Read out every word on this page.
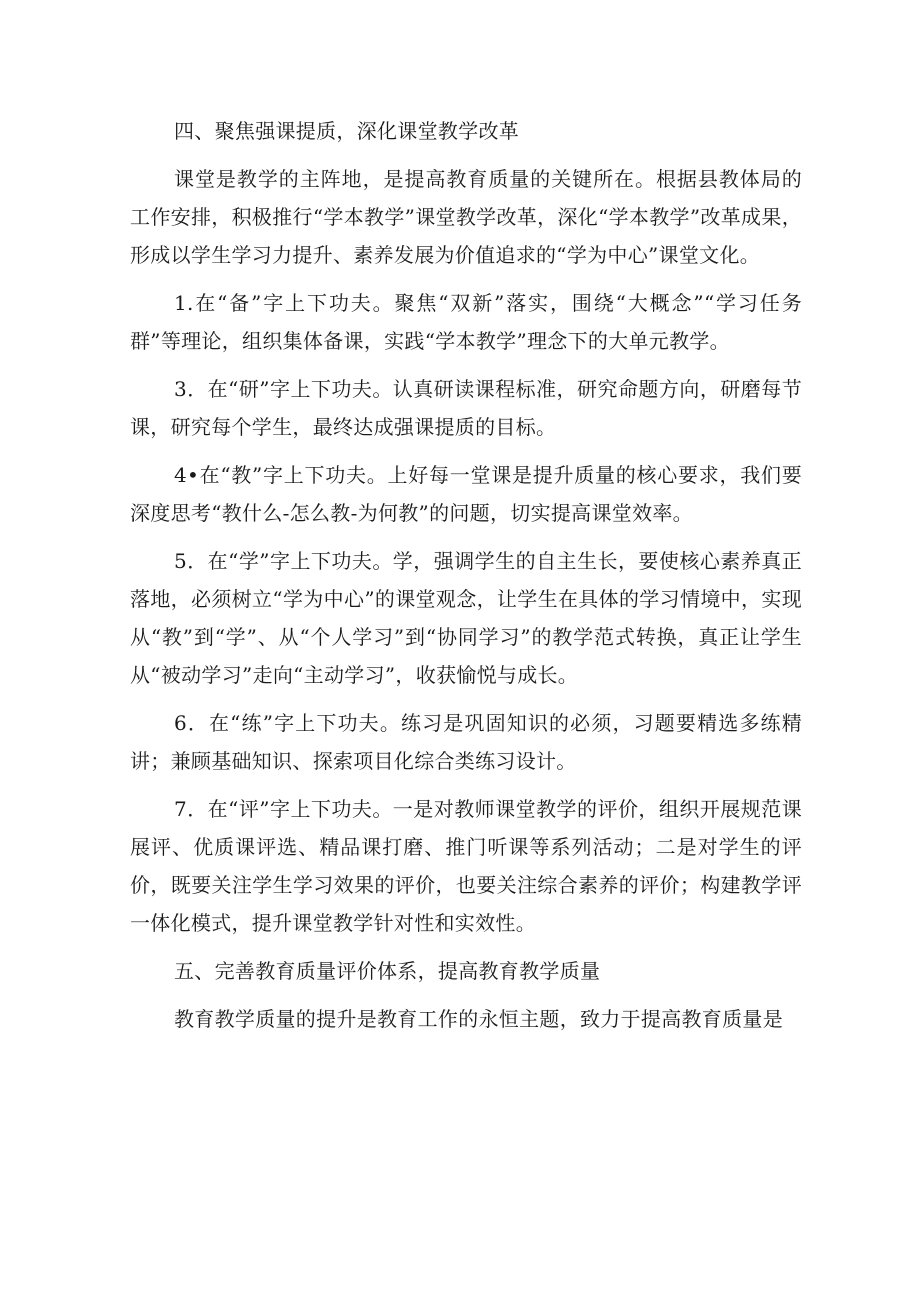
四、聚焦强课提质，深化课堂教学改革

课堂是教学的主阵地，是提高教育质量的关键所在。根据县教体局的工作安排，积极推行“学本教学”课堂教学改革，深化“学本教学”改革成果，形成以学生学习力提升、素养发展为价值追求的“学为中心”课堂文化。

1.在“备”字上下功夫。聚焦“双新”落实，围绕“大概念”“学习任务群”等理论，组织集体备课，实践“学本教学”理念下的大单元教学。

3．在“研”字上下功夫。认真研读课程标准，研究命题方向，研磨每节课，研究每个学生，最终达成强课提质的目标。

4•在“教”字上下功夫。上好每一堂课是提升质量的核心要求，我们要深度思考“教什么-怎么教-为何教”的问题，切实提高课堂效率。

5．在“学”字上下功夫。学，强调学生的自主生长，要使核心素养真正落地，必须树立“学为中心”的课堂观念，让学生在具体的学习情境中，实现从“教”到“学”、从“个人学习”到“协同学习”的教学范式转换，真正让学生从“被动学习”走向“主动学习”，收获愉悦与成长。

6．在“练”字上下功夫。练习是巩固知识的必须，习题要精选多练精讲；兼顾基础知识、探索项目化综合类练习设计。

7．在“评”字上下功夫。一是对教师课堂教学的评价，组织开展规范课展评、优质课评选、精品课打磨、推门听课等系列活动；二是对学生的评价，既要关注学生学习效果的评价，也要关注综合素养的评价；构建教学评一体化模式，提升课堂教学针对性和实效性。

五、完善教育质量评价体系，提高教育教学质量

教育教学质量的提升是教育工作的永恒主题，致力于提高教育质量是
